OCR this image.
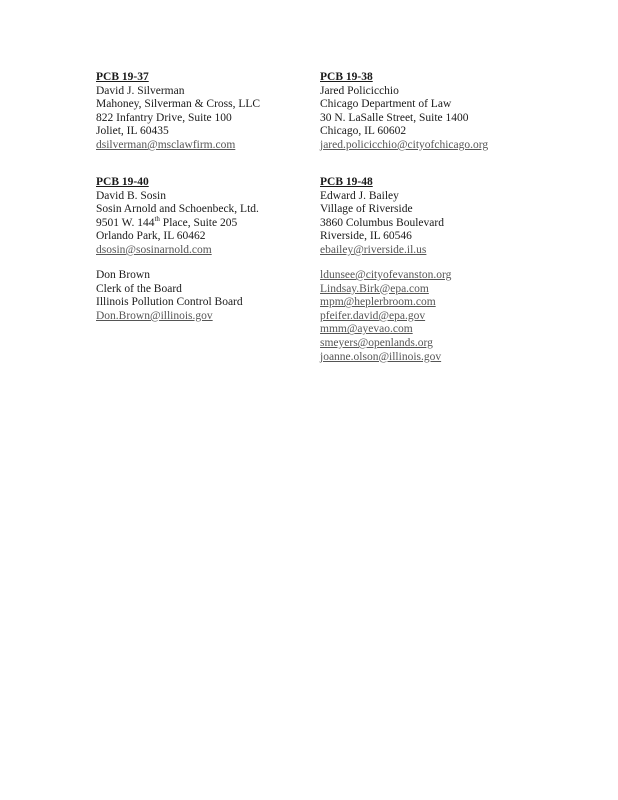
PCB 19-37
David J. Silverman
Mahoney, Silverman & Cross, LLC
822 Infantry Drive, Suite 100
Joliet, IL 60435
dsilverman@msclawfirm.com
PCB 19-38
Jared Policicchio
Chicago Department of Law
30 N. LaSalle Street, Suite 1400
Chicago, IL 60602
jared.policicchio@cityofchicago.org
PCB 19-40
David B. Sosin
Sosin Arnold and Schoenbeck, Ltd.
9501 W. 144th Place, Suite 205
Orlando Park, IL 60462
dsosin@sosinarnold.com
PCB 19-48
Edward J. Bailey
Village of Riverside
3860 Columbus Boulevard
Riverside, IL 60546
ebailey@riverside.il.us
Don Brown
Clerk of the Board
Illinois Pollution Control Board
Don.Brown@illinois.gov
ldunsee@cityofevanston.org
Lindsay.Birk@epa.com
mpm@heplerbroom.com
pfeifer.david@epa.gov
mmm@ayevao.com
smeyers@openlands.org
joanne.olson@illinois.gov
